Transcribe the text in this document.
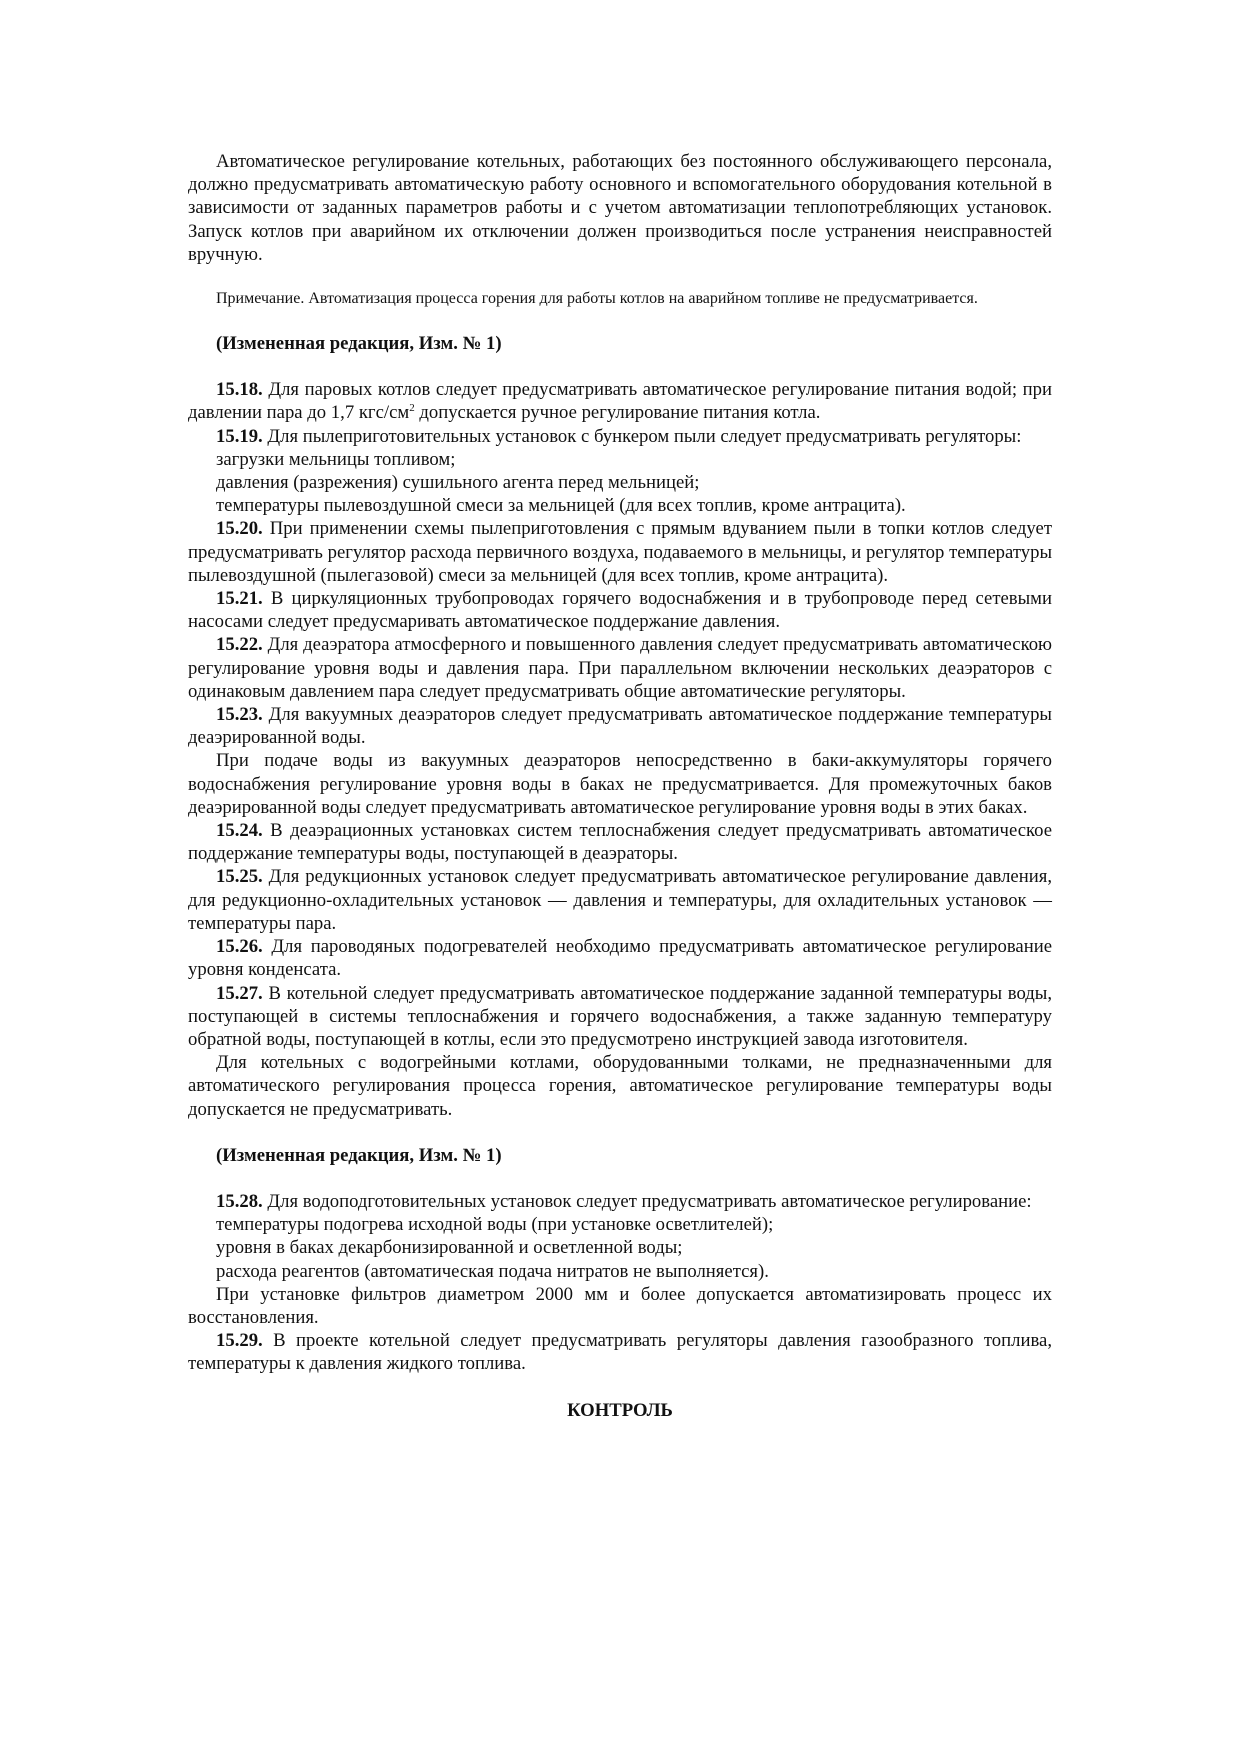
Автоматическое регулирование котельных, работающих без постоянного обслуживающего персонала, должно предусматривать автоматическую работу основного и вспомогательного оборудования котельной в зависимости от заданных параметров работы и с учетом автоматизации теплопотребляющих установок. Запуск котлов при аварийном их отключении должен производиться после устранения неисправностей вручную.

Примечание. Автоматизация процесса горения для работы котлов на аварийном топливе не предусматривается.

(Измененная редакция, Изм. № 1)

15.18. Для паровых котлов следует предусматривать автоматическое регулирование питания водой; при давлении пара до 1,7 кгс/$см^2$ допускается ручное регулирование питания котла.

15.19. Для пылеприготовительных установок с бункером пыли следует предусматривать регуляторы:

загрузки мельницы топливом;

давления (разрежения) сушильного агента перед мельницей;

температуры пылевоздушной смеси за мельницей (для всех топлив, кроме антрацита).

15.20. При применении схемы пылеприготовления с прямым вдуванием пыли в топки котлов следует предусматривать регулятор расхода первичного воздуха, подаваемого в мельницы, и регулятор температуры пылевоздушной (пылегазовой) смеси за мельницей (для всех топлив, кроме антрацита).

15.21. В циркуляционных трубопроводах горячего водоснабжения и в трубопроводе перед сетевыми насосами следует предусмаривать автоматическое поддержание давления.

15.22. Для деаэратора атмосферного и повышенного давления следует предусматривать автоматическою регулирование уровня воды и давления пара. При параллельном включении нескольких деаэраторов с одинаковым давлением пара следует предусматривать общие автоматические регуляторы.

15.23. Для вакуумных деаэраторов следует предусматривать автоматическое поддержание температуры деаэрированной воды.

При подаче воды из вакуумных деаэраторов непосредственно в баки-аккумуляторы горячего водоснабжения регулирование уровня воды в баках не предусматривается. Для промежуточных баков деаэрированной воды следует предусматривать автоматическое регулирование уровня воды в этих баках.

15.24. В деаэрационных установках систем теплоснабжения следует предусматривать автоматическое поддержание температуры воды, поступающей в деаэраторы.

15.25. Для редукционных установок следует предусматривать автоматическое регулирование давления, для редукционно-охладительных установок — давления и температуры, для охладительных установок — температуры пара.

15.26. Для пароводяных подогревателей необходимо предусматривать автоматическое регулирование уровня конденсата.

15.27. В котельной следует предусматривать автоматическое поддержание заданной температуры воды, поступающей в системы теплоснабжения и горячего водоснабжения, а также заданную температуру обратной воды, поступающей в котлы, если это предусмотрено инструкцией завода изготовителя.

Для котельных с водогрейными котлами, оборудованными толками, не предназначенными для автоматического регулирования процесса горения, автоматическое регулирование температуры воды допускается не предусматривать.

(Измененная редакция, Изм. № 1)

15.28. Для водоподготовительных установок следует предусматривать автоматическое регулирование:

температуры подогрева исходной воды (при установке осветлителей);

уровня в баках декарбонизированной и осветленной воды;

расхода реагентов (автоматическая подача нитратов не выполняется).

При установке фильтров диаметром 2000 мм и более допускается автоматизировать процесс их восстановления.

15.29. В проекте котельной следует предусматривать регуляторы давления газообразного топлива, температуры к давления жидкого топлива.

КОНТРОЛЬ
